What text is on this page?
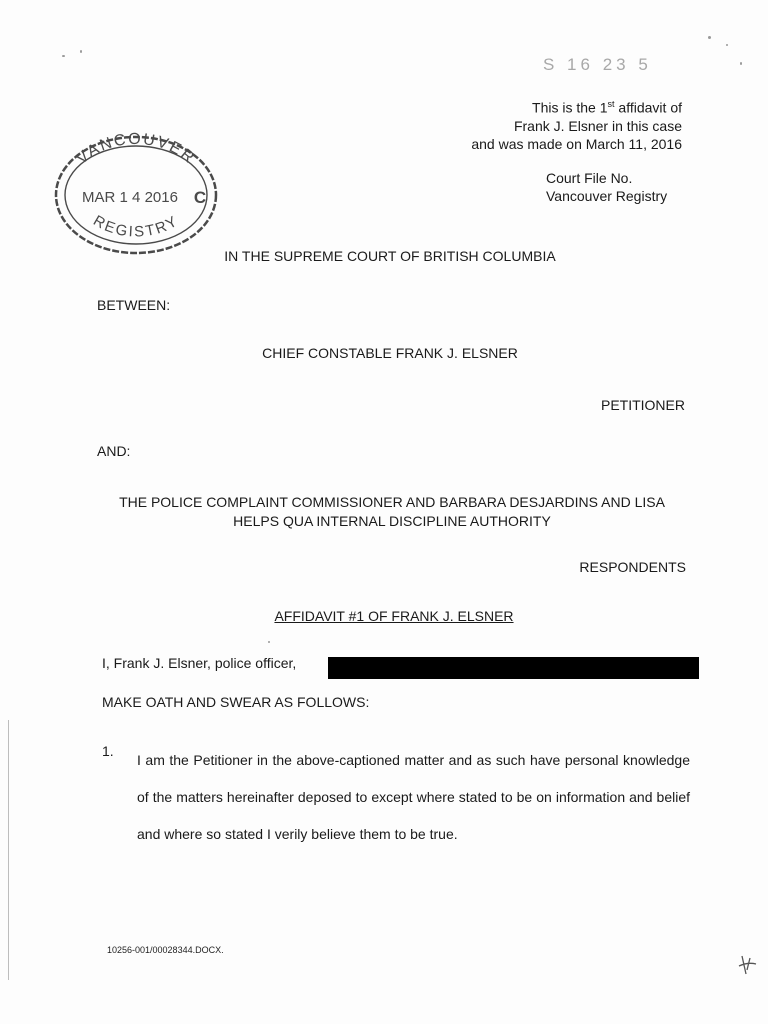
S 16 23 5
This is the 1st affidavit of
Frank J. Elsner in this case
and was made on March 11, 2016
Court File No.
Vancouver Registry
VANCOUVER
MAR 1 4 2016 C
REGISTRY
IN THE SUPREME COURT OF BRITISH COLUMBIA
BETWEEN:
CHIEF CONSTABLE FRANK J. ELSNER
PETITIONER
AND:
THE POLICE COMPLAINT COMMISSIONER AND BARBARA DESJARDINS AND LISA HELPS QUA INTERNAL DISCIPLINE AUTHORITY
RESPONDENTS
AFFIDAVIT #1 OF FRANK J. ELSNER
I, Frank J. Elsner, police officer,
MAKE OATH AND SWEAR AS FOLLOWS:
1.
I am the Petitioner in the above-captioned matter and as such have personal knowledge of the matters hereinafter deposed to except where stated to be on information and belief and where so stated I verily believe them to be true.
10256-001/00028344.DOCX.
